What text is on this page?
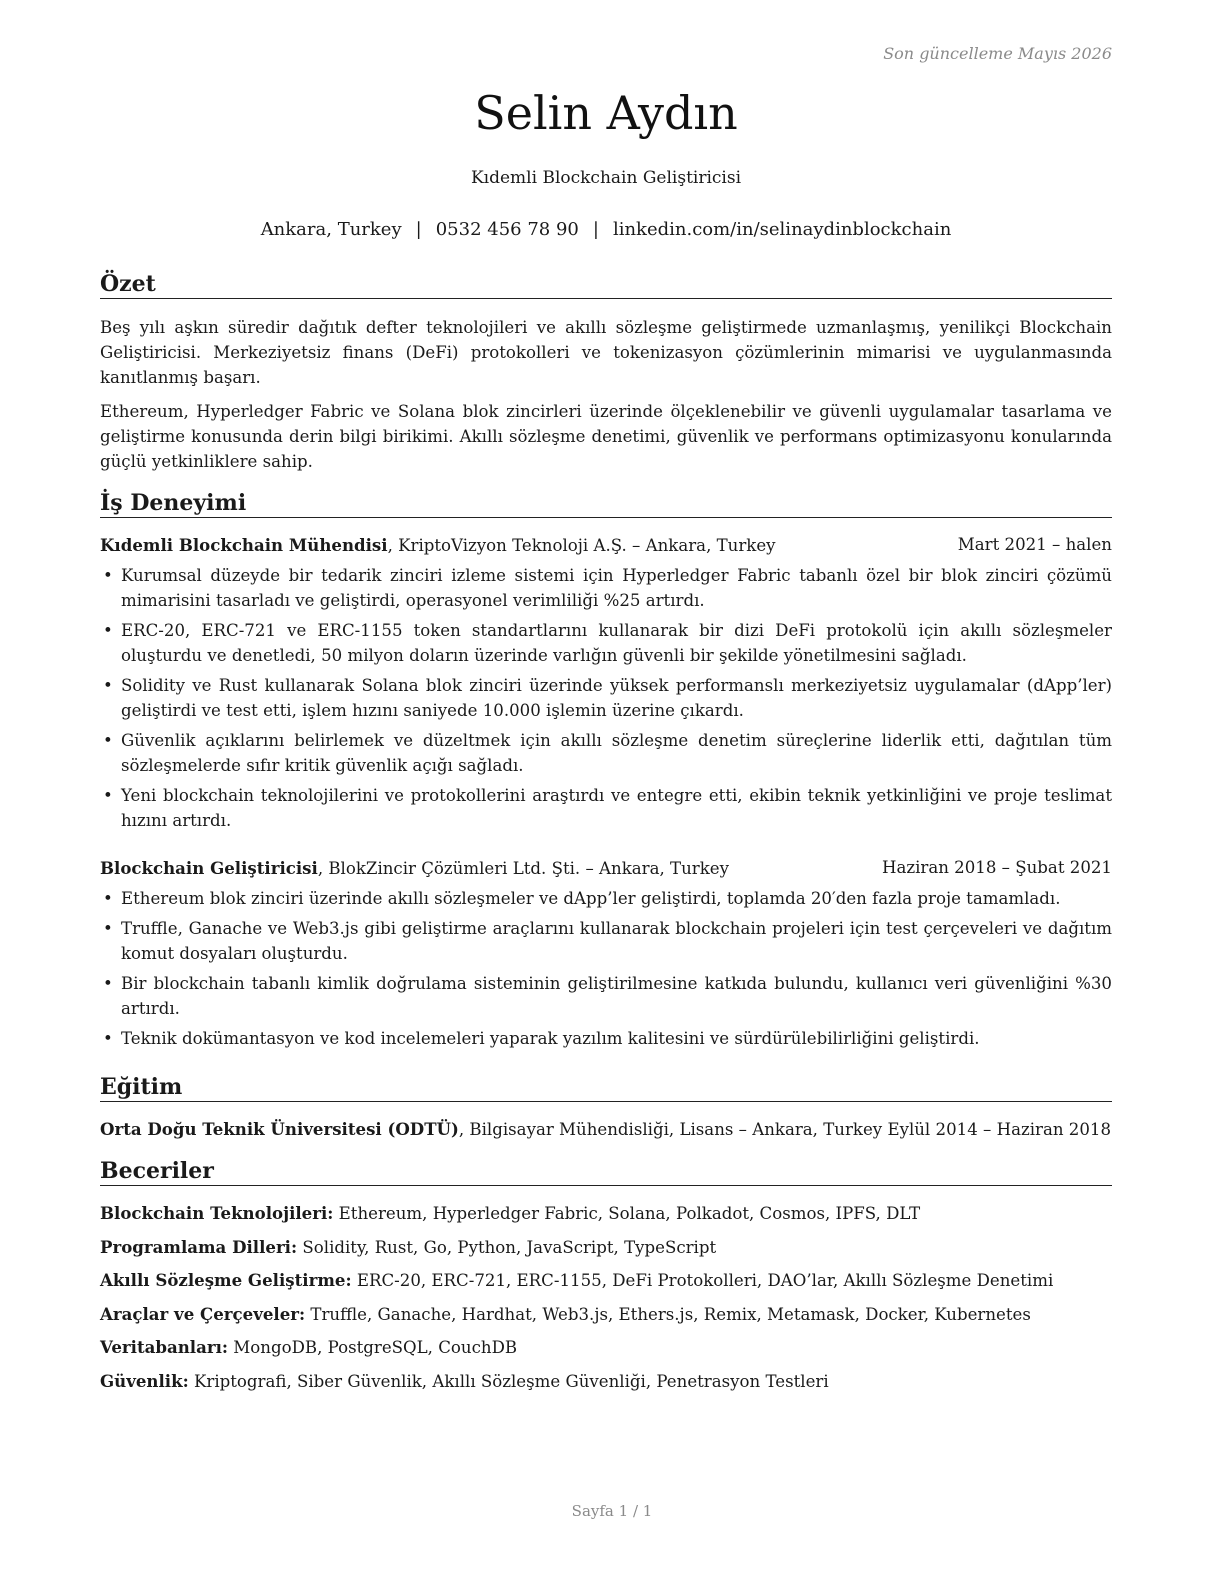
Son güncelleme Mayıs 2026
Selin Aydın
Kıdemli Blockchain Geliştiricisi
Ankara, Turkey | 0532 456 78 90 | linkedin.com/in/selinaydinblockchain
Özet
Beş yılı aşkın süredir dağıtık defter teknolojileri ve akıllı sözleşme geliştirmede uzmanlaşmış, yenilikçi Blockchain Geliştiricisi. Merkeziyetsiz finans (DeFi) protokolleri ve tokenizasyon çözümlerinin mimarisi ve uygulanmasında kanıtlanmış başarı.
Ethereum, Hyperledger Fabric ve Solana blok zincirleri üzerinde ölçeklenebilir ve güvenli uygulamalar tasarlama ve geliştirme konusunda derin bilgi birikimi. Akıllı sözleşme denetimi, güvenlik ve performans optimizasyonu konularında güçlü yetkinliklere sahip.
İş Deneyimi
Kıdemli Blockchain Mühendisi, KriptoVizyon Teknoloji A.Ş. – Ankara, Turkey	Mart 2021 – halen
• Kurumsal düzeyde bir tedarik zinciri izleme sistemi için Hyperledger Fabric tabanlı özel bir blok zinciri çözümü mimarisini tasarladı ve geliştirdi, operasyonel verimliliği %25 artırdı.
• ERC-20, ERC-721 ve ERC-1155 token standartlarını kullanarak bir dizi DeFi protokolü için akıllı sözleşmeler oluşturdu ve denetledi, 50 milyon doların üzerinde varlığın güvenli bir şekilde yönetilmesini sağladı.
• Solidity ve Rust kullanarak Solana blok zinciri üzerinde yüksek performanslı merkeziyetsiz uygulamalar (dApp’ler) geliştirdi ve test etti, işlem hızını saniyede 10.000 işlemin üzerine çıkardı.
• Güvenlik açıklarını belirlemek ve düzeltmek için akıllı sözleşme denetim süreçlerine liderlik etti, dağıtılan tüm sözleşmelerde sıfır kritik güvenlik açığı sağladı.
• Yeni blockchain teknolojilerini ve protokollerini araştırdı ve entegre etti, ekibin teknik yetkinliğini ve proje teslimat hızını artırdı.
Blockchain Geliştiricisi, BlokZincir Çözümleri Ltd. Şti. – Ankara, Turkey	Haziran 2018 – Şubat 2021
• Ethereum blok zinciri üzerinde akıllı sözleşmeler ve dApp’ler geliştirdi, toplamda 20′den fazla proje tamamladı.
• Truffle, Ganache ve Web3.js gibi geliştirme araçlarını kullanarak blockchain projeleri için test çerçeveleri ve dağıtım komut dosyaları oluşturdu.
• Bir blockchain tabanlı kimlik doğrulama sisteminin geliştirilmesine katkıda bulundu, kullanıcı veri güvenliğini %30 artırdı.
• Teknik dokümantasyon ve kod incelemeleri yaparak yazılım kalitesini ve sürdürülebilirliğini geliştirdi.
Eğitim
Orta Doğu Teknik Üniversitesi (ODTÜ), Bilgisayar Mühendisliği, Lisans – Ankara, Turkey Eylül 2014 – Haziran 2018
Beceriler
Blockchain Teknolojileri: Ethereum, Hyperledger Fabric, Solana, Polkadot, Cosmos, IPFS, DLT
Programlama Dilleri: Solidity, Rust, Go, Python, JavaScript, TypeScript
Akıllı Sözleşme Geliştirme: ERC-20, ERC-721, ERC-1155, DeFi Protokolleri, DAO’lar, Akıllı Sözleşme Denetimi
Araçlar ve Çerçeveler: Truffle, Ganache, Hardhat, Web3.js, Ethers.js, Remix, Metamask, Docker, Kubernetes
Veritabanları: MongoDB, PostgreSQL, CouchDB
Güvenlik: Kriptografi, Siber Güvenlik, Akıllı Sözleşme Güvenliği, Penetrasyon Testleri
Sayfa 1 / 1
